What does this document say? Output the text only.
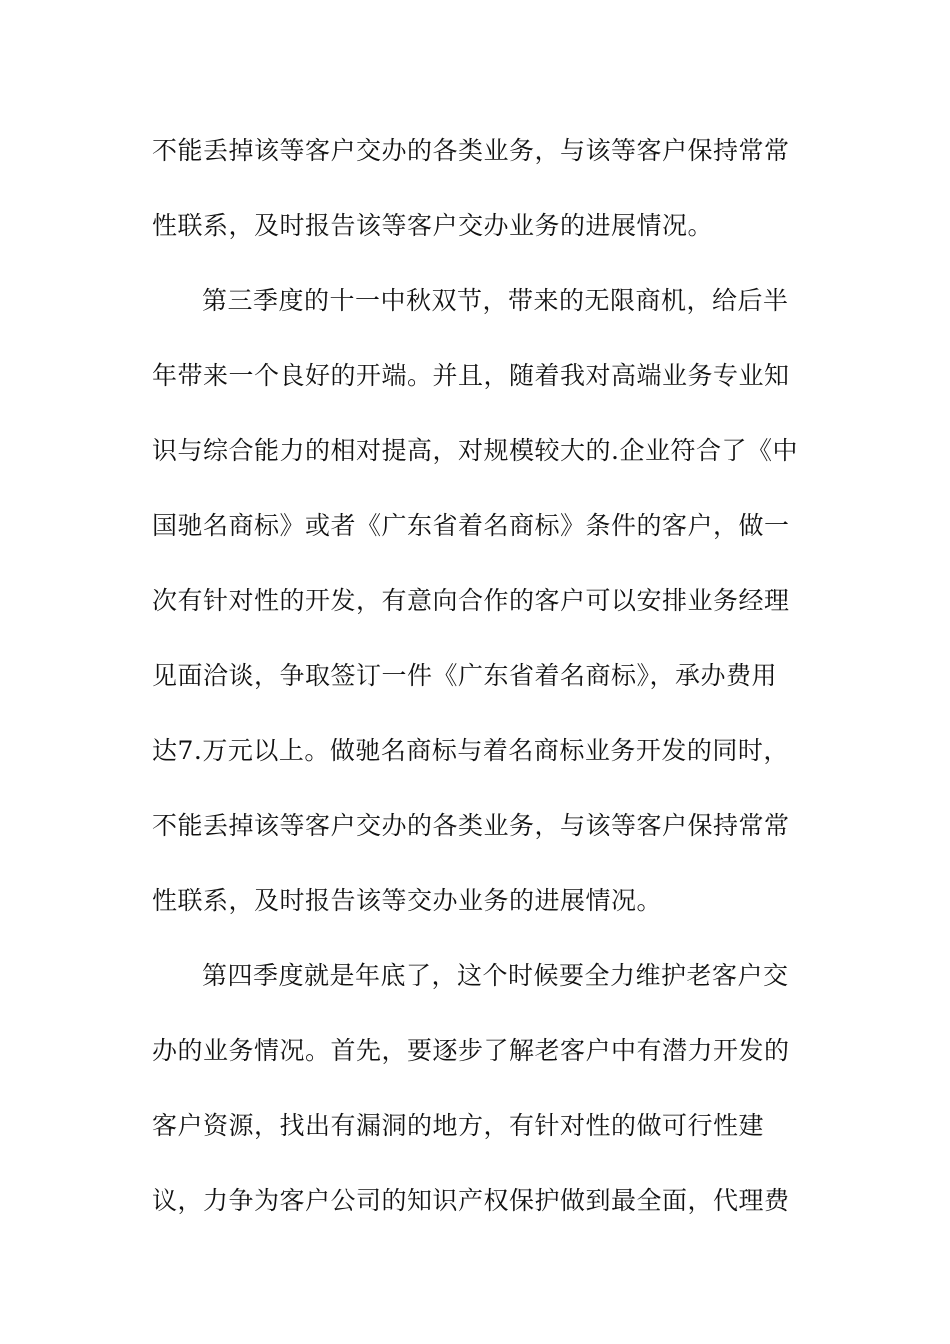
不能丢掉该等客户交办的各类业务，与该等客户保持常常
性联系，及时报告该等客户交办业务的进展情况。
第三季度的十一中秋双节，带来的无限商机，给后半
年带来一个良好的开端。并且，随着我对高端业务专业知
识与综合能力的相对提高，对规模较大的.企业符合了《中
国驰名商标》或者《广东省着名商标》条件的客户，做一
次有针对性的开发，有意向合作的客户可以安排业务经理
见面洽谈，争取签订一件《广东省着名商标》，承办费用
达7.万元以上。做驰名商标与着名商标业务开发的同时，
不能丢掉该等客户交办的各类业务，与该等客户保持常常
性联系，及时报告该等交办业务的进展情况。
第四季度就是年底了，这个时候要全力维护老客户交
办的业务情况。首先，要逐步了解老客户中有潜力开发的
客户资源，找出有漏洞的地方，有针对性的做可行性建
议，力争为客户公司的知识产权保护做到最全面，代理费
